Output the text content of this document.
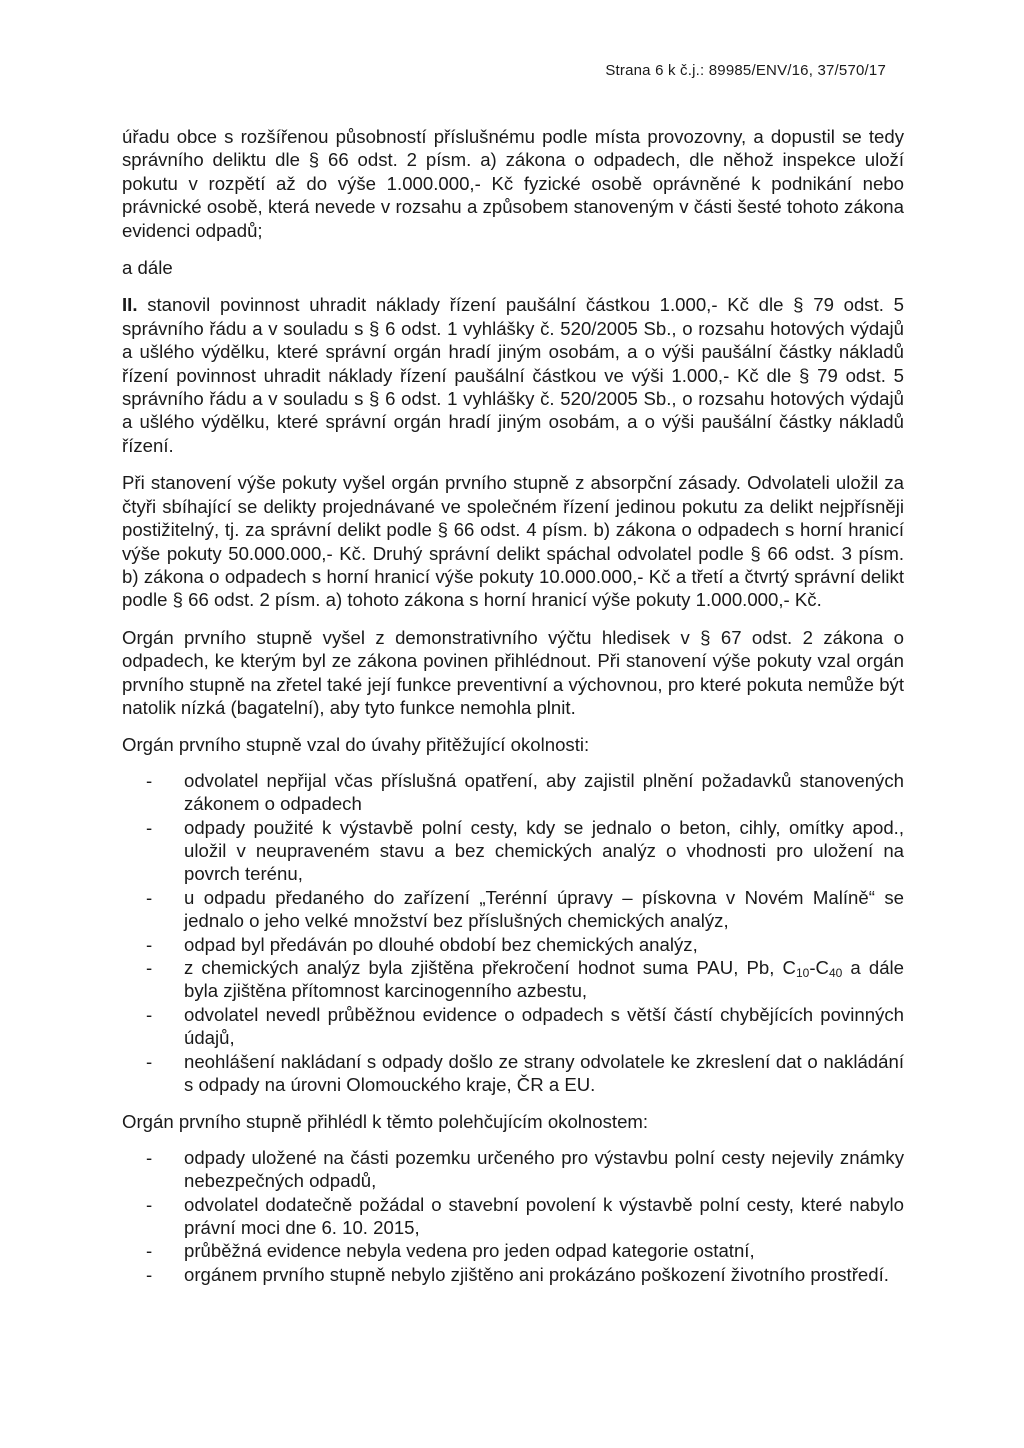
Strana 6 k č.j.: 89985/ENV/16, 37/570/17

úřadu obce s rozšířenou působností příslušnému podle místa provozovny, a dopustil se tedy správního deliktu dle § 66 odst. 2 písm. a) zákona o odpadech, dle něhož inspekce uloží pokutu v rozpětí až do výše 1.000.000,- Kč fyzické osobě oprávněné k podnikání nebo právnické osobě, která nevede v rozsahu a způsobem stanoveným v části šesté tohoto zákona evidenci odpadů;

a dále

II. stanovil povinnost uhradit náklady řízení paušální částkou 1.000,- Kč dle § 79 odst. 5 správního řádu a v souladu s § 6 odst. 1 vyhlášky č. 520/2005 Sb., o rozsahu hotových výdajů a ušlého výdělku, které správní orgán hradí jiným osobám, a o výši paušální částky nákladů řízení povinnost uhradit náklady řízení paušální částkou ve výši 1.000,- Kč dle § 79 odst. 5 správního řádu a v souladu s § 6 odst. 1 vyhlášky č. 520/2005 Sb., o rozsahu hotových výdajů a ušlého výdělku, které správní orgán hradí jiným osobám, a o výši paušální částky nákladů řízení.

Při stanovení výše pokuty vyšel orgán prvního stupně z absorpční zásady. Odvolateli uložil za čtyři sbíhající se delikty projednávané ve společném řízení jedinou pokutu za delikt nejpřísněji postižitelný, tj. za správní delikt podle § 66 odst. 4 písm. b) zákona o odpadech s horní hranicí výše pokuty 50.000.000,- Kč. Druhý správní delikt spáchal odvolatel podle § 66 odst. 3 písm. b) zákona o odpadech s horní hranicí výše pokuty 10.000.000,- Kč a třetí a čtvrtý správní delikt podle § 66 odst. 2 písm. a) tohoto zákona s horní hranicí výše pokuty 1.000.000,- Kč.

Orgán prvního stupně vyšel z demonstrativního výčtu hledisek v § 67 odst. 2 zákona o odpadech, ke kterým byl ze zákona povinen přihlédnout. Při stanovení výše pokuty vzal orgán prvního stupně na zřetel také její funkce preventivní a výchovnou, pro které pokuta nemůže být natolik nízká (bagatelní), aby tyto funkce nemohla plnit.

Orgán prvního stupně vzal do úvahy přitěžující okolnosti:

- odvolatel nepřijal včas příslušná opatření, aby zajistil plnění požadavků stanovených zákonem o odpadech
- odpady použité k výstavbě polní cesty, kdy se jednalo o beton, cihly, omítky apod., uložil v neupraveném stavu a bez chemických analýz o vhodnosti pro uložení na povrch terénu,
- u odpadu předaného do zařízení „Terénní úpravy – pískovna v Novém Malíně“ se jednalo o jeho velké množství bez příslušných chemických analýz,
- odpad byl předáván po dlouhé období bez chemických analýz,
- z chemických analýz byla zjištěna překročení hodnot suma PAU, Pb, $C_{10}-C_{40}$ a dále byla zjištěna přítomnost karcinogenního azbestu,
- odvolatel nevedl průběžnou evidence o odpadech s větší částí chybějících povinných údajů,
- neohlášení nakládaní s odpady došlo ze strany odvolatele ke zkreslení dat o nakládání s odpady na úrovni Olomouckého kraje, ČR a EU.

Orgán prvního stupně přihlédl k těmto polehčujícím okolnostem:

- odpady uložené na části pozemku určeného pro výstavbu polní cesty nejevily známky nebezpečných odpadů,
- odvolatel dodatečně požádal o stavební povolení k výstavbě polní cesty, které nabylo právní moci dne 6. 10. 2015,
- průběžná evidence nebyla vedena pro jeden odpad kategorie ostatní,
- orgánem prvního stupně nebylo zjištěno ani prokázáno poškození životního prostředí.
